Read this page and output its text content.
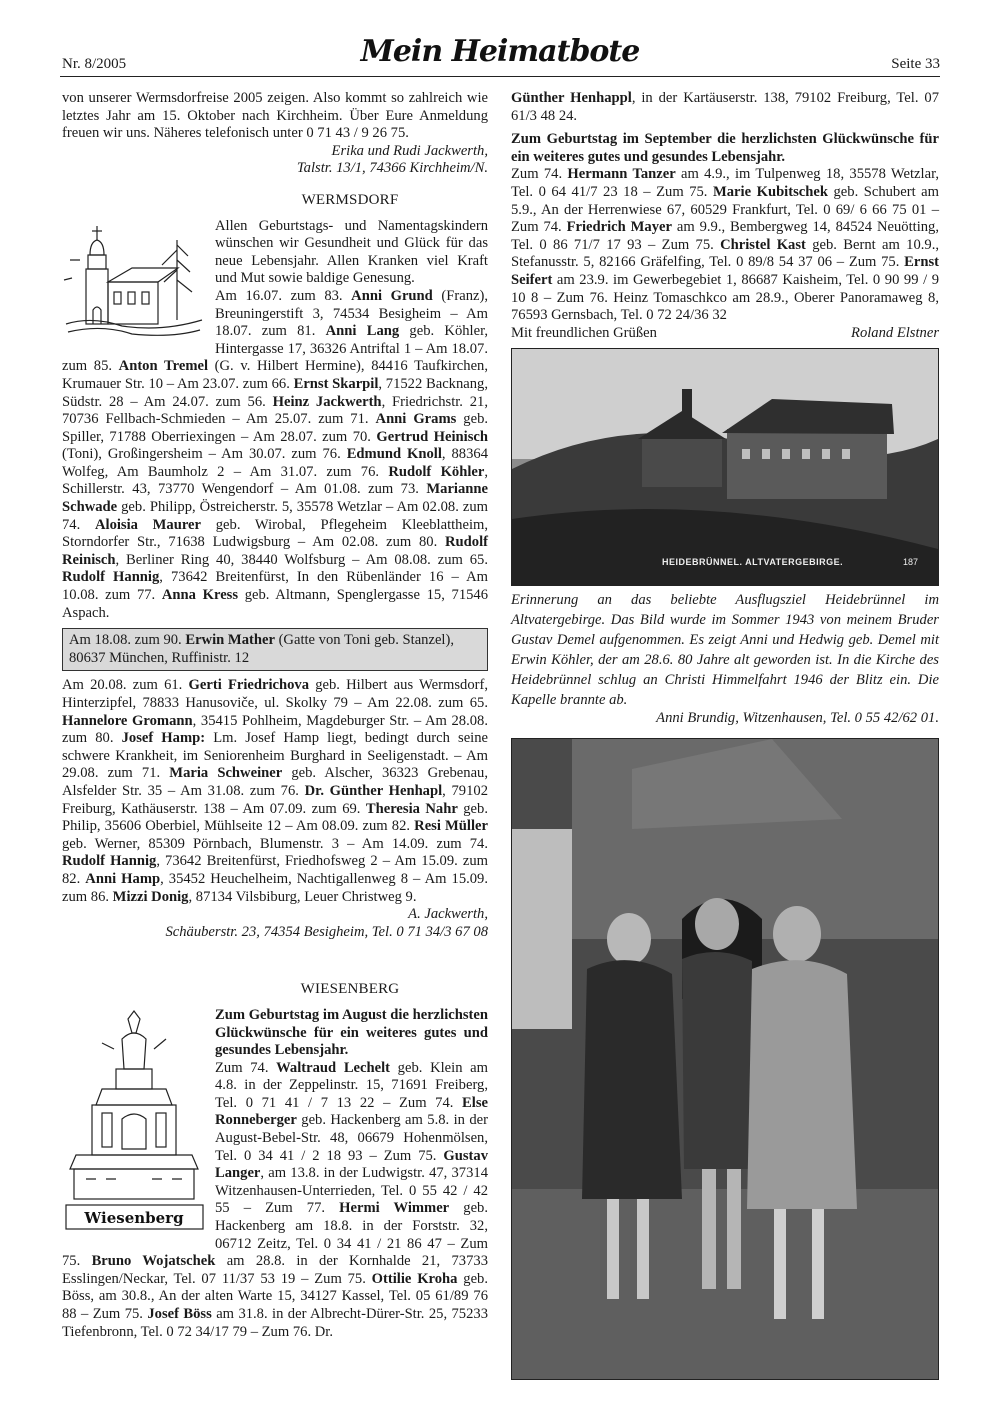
Nr. 8/2005	Mein Heimatbote	Seite 33

von unserer Wermsdorfreise 2005 zeigen. Also kommt so zahlreich wie letztes Jahr am 15. Oktober nach Kirchheim. Über Eure Anmeldung freuen wir uns. Näheres telefonisch unter 0 71 43 / 9 26 75.

Erika und Rudi Jackwerth,

Talstr. 13/1, 74366 Kirchheim/N.

WERMSDORF

Allen Geburtstags- und Namentagskindern wünschen wir Gesundheit und Glück für das neue Lebensjahr. Allen Kranken viel Kraft und Mut sowie baldige Genesung.

Am 16.07. zum 83. Anni Grund (Franz), Breuningerstift 3, 74534 Besigheim – Am 18.07. zum 81. Anni Lang geb. Köhler, Hintergasse 17, 36326 Antriftal 1 – Am 18.07. zum 85. Anton Tremel (G. v. Hilbert Hermine), 84416 Taufkirchen, Krumauer Str. 10 – Am 23.07. zum 66. Ernst Skarpil, 71522 Backnang, Südstr. 28 – Am 24.07. zum 56. Heinz Jackwerth, Friedrichstr. 21, 70736 Fellbach-Schmieden – Am 25.07. zum 71. Anni Grams geb. Spiller, 71788 Oberriexingen – Am 28.07. zum 70. Gertrud Heinisch (Toni), Großingersheim – Am 30.07. zum 76. Edmund Knoll, 88364 Wolfeg, Am Baumholz 2 – Am 31.07. zum 76. Rudolf Köhler, Schillerstr. 43, 73770 Wengendorf – Am 01.08. zum 73. Marianne Schwade geb. Philipp, Östreicherstr. 5, 35578 Wetzlar – Am 02.08. zum 74. Aloisia Maurer geb. Wirobal, Pflegeheim Kleeblattheim, Storndorfer Str., 71638 Ludwigsburg – Am 02.08. zum 80. Rudolf Reinisch, Berliner Ring 40, 38440 Wolfsburg – Am 08.08. zum 65. Rudolf Hannig, 73642 Breitenfürst, In den Rübenländer 16 – Am 10.08. zum 77. Anna Kress geb. Altmann, Spenglergasse 15, 71546 Aspach.

Am 18.08. zum 90. Erwin Mather (Gatte von Toni geb. Stanzel), 80637 München, Ruffinistr. 12

Am 20.08. zum 61. Gerti Friedrichova geb. Hilbert aus Wermsdorf, Hinterzipfel, 78833 Hanusoviče, ul. Skolky 79 – Am 22.08. zum 65. Hannelore Gromann, 35415 Pohlheim, Magdeburger Str. – Am 28.08. zum 80. Josef Hamp: Lm. Josef Hamp liegt, bedingt durch seine schwere Krankheit, im Seniorenheim Burghard in Seeligenstadt. – Am 29.08. zum 71. Maria Schweiner geb. Alscher, 36323 Grebenau, Alsfelder Str. 35 – Am 31.08. zum 76. Dr. Günther Henhapl, 79102 Freiburg, Kathäuserstr. 138 – Am 07.09. zum 69. Theresia Nahr geb. Philip, 35606 Oberbiel, Mühlseite 12 – Am 08.09. zum 82. Resi Müller geb. Werner, 85309 Pörnbach, Blumenstr. 3 – Am 14.09. zum 74. Rudolf Hannig, 73642 Breitenfürst, Friedhofsweg 2 – Am 15.09. zum 82. Anni Hamp, 35452 Heuchelheim, Nachtigallenweg 8 – Am 15.09. zum 86. Mizzi Donig, 87134 Vilsbiburg, Leuer Christweg 9.

A. Jackwerth,

Schäuberstr. 23, 74354 Besigheim, Tel. 0 71 34/3 67 08

WIESENBERG
Wiesenberg

Zum Geburtstag im August die herzlichsten Glückwünsche für ein weiteres gutes und gesundes Lebensjahr.

Zum 74. Waltraud Lechelt geb. Klein am 4.8. in der Zeppelinstr. 15, 71691 Freiberg, Tel. 0 71 41 / 7 13 22 – Zum 74. Else Ronneberger geb. Hackenberg am 5.8. in der August-Bebel-Str. 48, 06679 Hohenmölsen, Tel. 0 34 41 / 2 18 93 – Zum 75. Gustav Langer, am 13.8. in der Ludwigstr. 47, 37314 Witzenhausen-Unterrieden, Tel. 0 55 42 / 42 55 – Zum 77. Hermi Wimmer geb. Hackenberg am 18.8. in der Forststr. 32, 06712 Zeitz, Tel. 0 34 41 / 21 86 47 – Zum 75. Bruno Wojatschek am 28.8. in der Kornhalde 21, 73733 Esslingen/Neckar, Tel. 07 11/37 53 19 – Zum 75. Ottilie Kroha geb. Böss, am 30.8., An der alten Warte 15, 34127 Kassel, Tel. 05 61/89 76 88 – Zum 75. Josef Böss am 31.8. in der Albrecht-Dürer-Str. 25, 75233 Tiefenbronn, Tel. 0 72 34/17 79 – Zum 76. Dr.

Günther Henhappl, in der Kartäuserstr. 138, 79102 Freiburg, Tel. 07 61/3 48 24.

Zum Geburtstag im September die herzlichsten Glückwünsche für ein weiteres gutes und gesundes Lebensjahr.

Zum 74. Hermann Tanzer am 4.9., im Tulpenweg 18, 35578 Wetzlar, Tel. 0 64 41/7 23 18 – Zum 75. Marie Kubitschek geb. Schubert am 5.9., An der Herrenwiese 67, 60529 Frankfurt, Tel. 0 69/ 6 66 75 01 – Zum 74. Friedrich Mayer am 9.9., Bembergweg 14, 84524 Neuötting, Tel. 0 86 71/7 17 93 – Zum 75. Christel Kast geb. Bernt am 10.9., Stefanusstr. 5, 82166 Gräfelfing, Tel. 0 89/8 54 37 06 – Zum 75. Ernst Seifert am 23.9. im Gewerbegebiet 1, 86687 Kaisheim, Tel. 0 90 99 / 9 10 8 – Zum 76. Heinz Tomaschkco am 28.9., Oberer Panoramaweg 8, 76593 Gernsbach, Tel. 0 72 24/36 32

Mit freundlichen Grüßen	Roland Elstner

HEIDEBRÜNNEL. ALTVATERGEBIRGE.	187

Erinnerung an das beliebte Ausflugsziel Heidebrünnel im Altvatergebirge. Das Bild wurde im Sommer 1943 von meinem Bruder Gustav Demel aufgenommen. Es zeigt Anni und Hedwig geb. Demel mit Erwin Köhler, der am 28.6. 80 Jahre alt geworden ist. In die Kirche des Heidebrünnel schlug an Christi Himmelfahrt 1946 der Blitz ein. Die Kapelle brannte ab.

Anni Brundig, Witzenhausen, Tel. 0 55 42/62 01.
